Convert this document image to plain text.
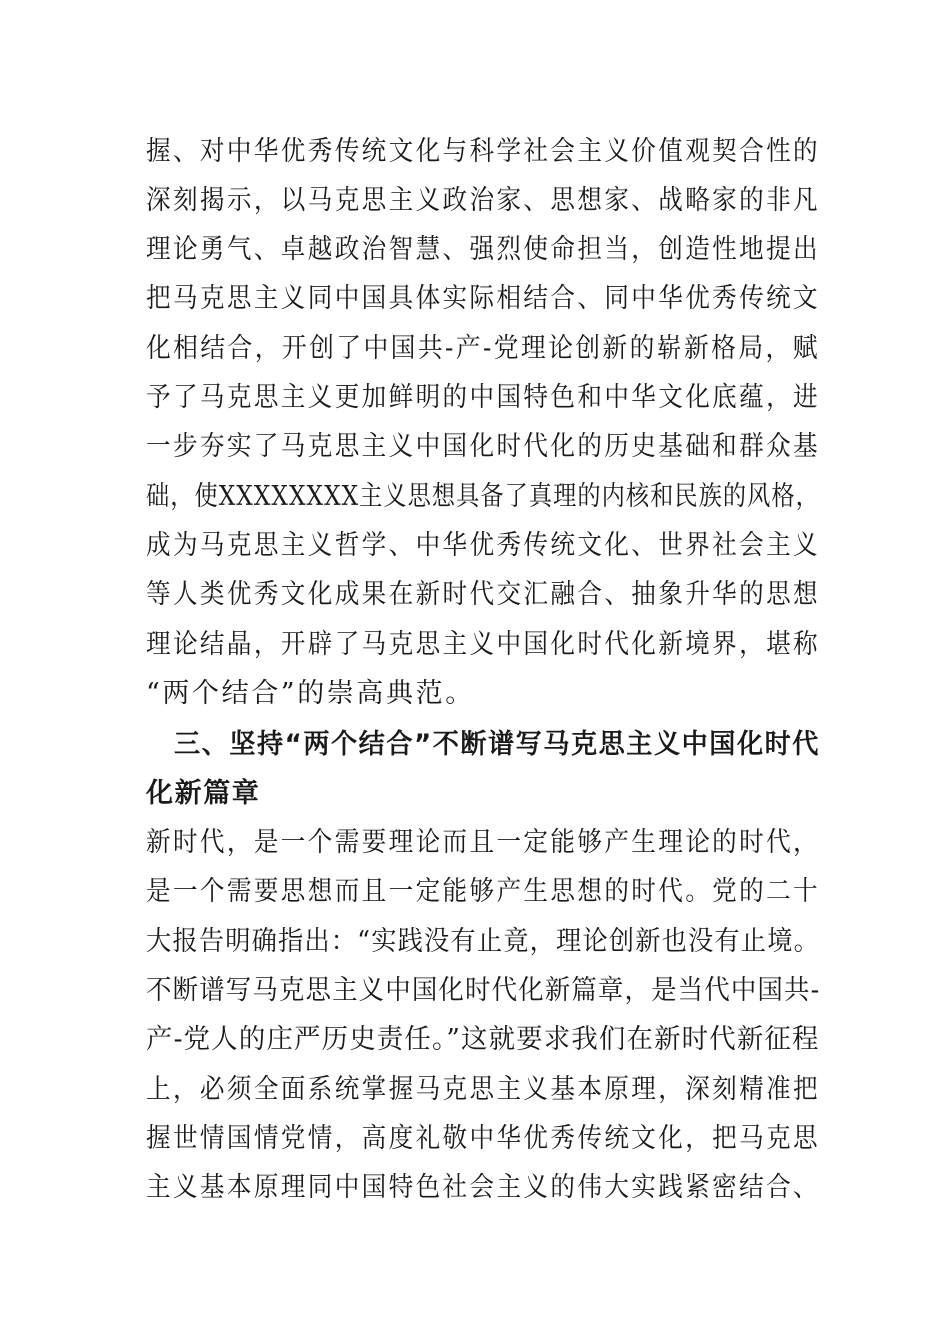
握、对中华优秀传统文化与科学社会主义价值观契合性的
深刻揭示，以马克思主义政治家、思想家、战略家的非凡
理论勇气、卓越政治智慧、强烈使命担当，创造性地提出
把马克思主义同中国具体实际相结合、同中华优秀传统文
化相结合，开创了中国共-产-党理论创新的崭新格局，赋
予了马克思主义更加鲜明的中国特色和中华文化底蕴，进
一步夯实了马克思主义中国化时代化的历史基础和群众基
础，使XXXXXXXX主义思想具备了真理的内核和民族的风格，
成为马克思主义哲学、中华优秀传统文化、世界社会主义
等人类优秀文化成果在新时代交汇融合、抽象升华的思想
理论结晶，开辟了马克思主义中国化时代化新境界，堪称
“两个结合”的崇高典范。
三、坚持“两个结合”不断谱写马克思主义中国化时代
化新篇章
新时代，是一个需要理论而且一定能够产生理论的时代，
是一个需要思想而且一定能够产生思想的时代。党的二十
大报告明确指出：“实践没有止竟，理论创新也没有止境。
不断谱写马克思主义中国化时代化新篇章，是当代中国共-
产-党人的庄严历史责任。”这就要求我们在新时代新征程
上，必须全面系统掌握马克思主义基本原理，深刻精准把
握世情国情党情，高度礼敬中华优秀传统文化，把马克思
主义基本原理同中国特色社会主义的伟大实践紧密结合、
